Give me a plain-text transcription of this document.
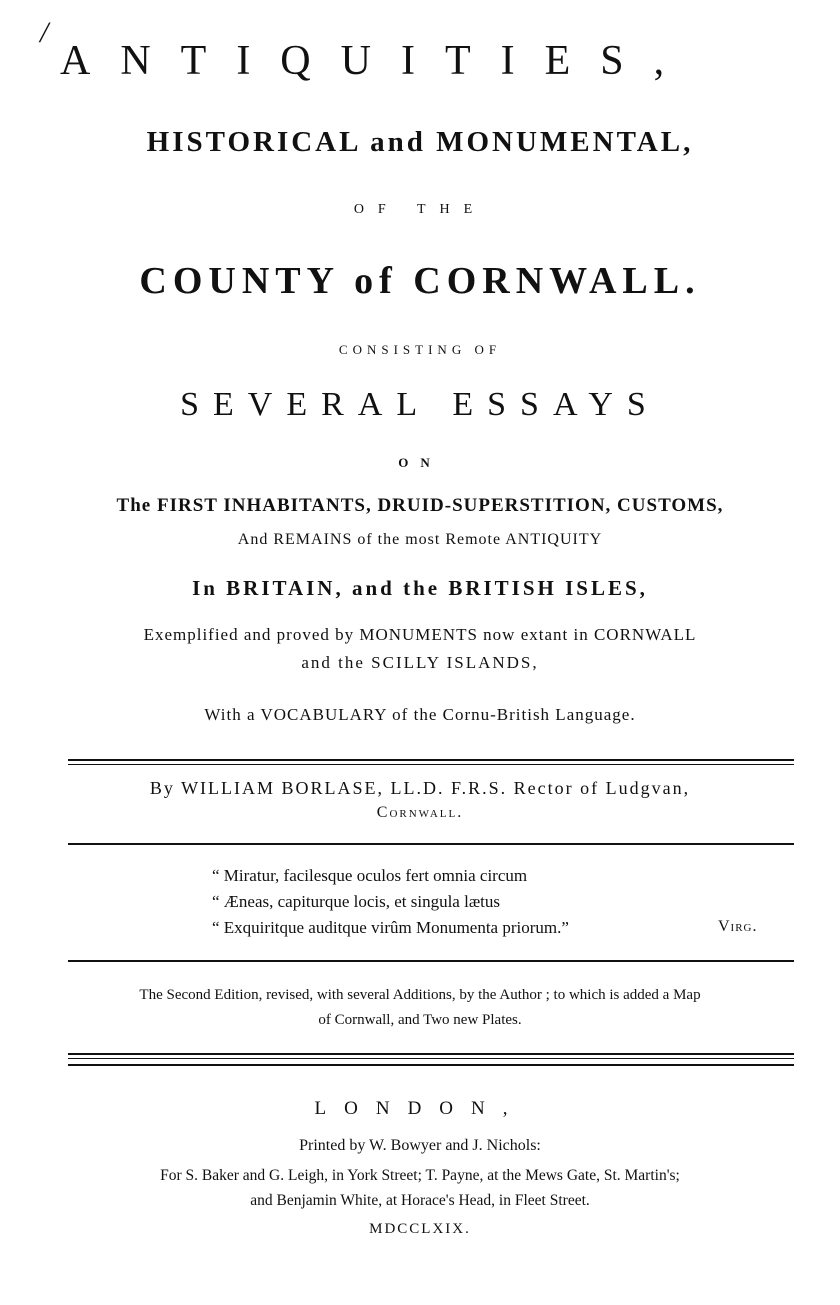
/
ANTIQUITIES,
HISTORICAL and MONUMENTAL,
OF THE
COUNTY of CORNWALL.
CONSISTING OF
SEVERAL ESSAYS
ON
The FIRST INHABITANTS, DRUID-SUPERSTITION, CUSTOMS,
And REMAINS of the most Remote ANTIQUITY
In BRITAIN, and the BRITISH ISLES,
Exemplified and proved by MONUMENTS now extant in CORNWALL
and the SCILLY ISLANDS,
With a VOCABULARY of the Cornu-British Language.
By WILLIAM BORLASE, LL.D. F.R.S. Rector of Ludgvan,
Cornwall.
“ Miratur, facilesque oculos fert omnia circum
“ Æneas, capiturque locis, et singula lætus
“ Exquiritque auditque virûm Monumenta priorum.”	Virg.
The Second Edition, revised, with several Additions, by the Author ; to which is added a Map
of Cornwall, and Two new Plates.
LONDON,
Printed by W. Bowyer and J. Nichols:
For S. Baker and G. Leigh, in York Street; T. Payne, at the Mews Gate, St. Martin's;
and Benjamin White, at Horace's Head, in Fleet Street.
MDCCLXIX.
